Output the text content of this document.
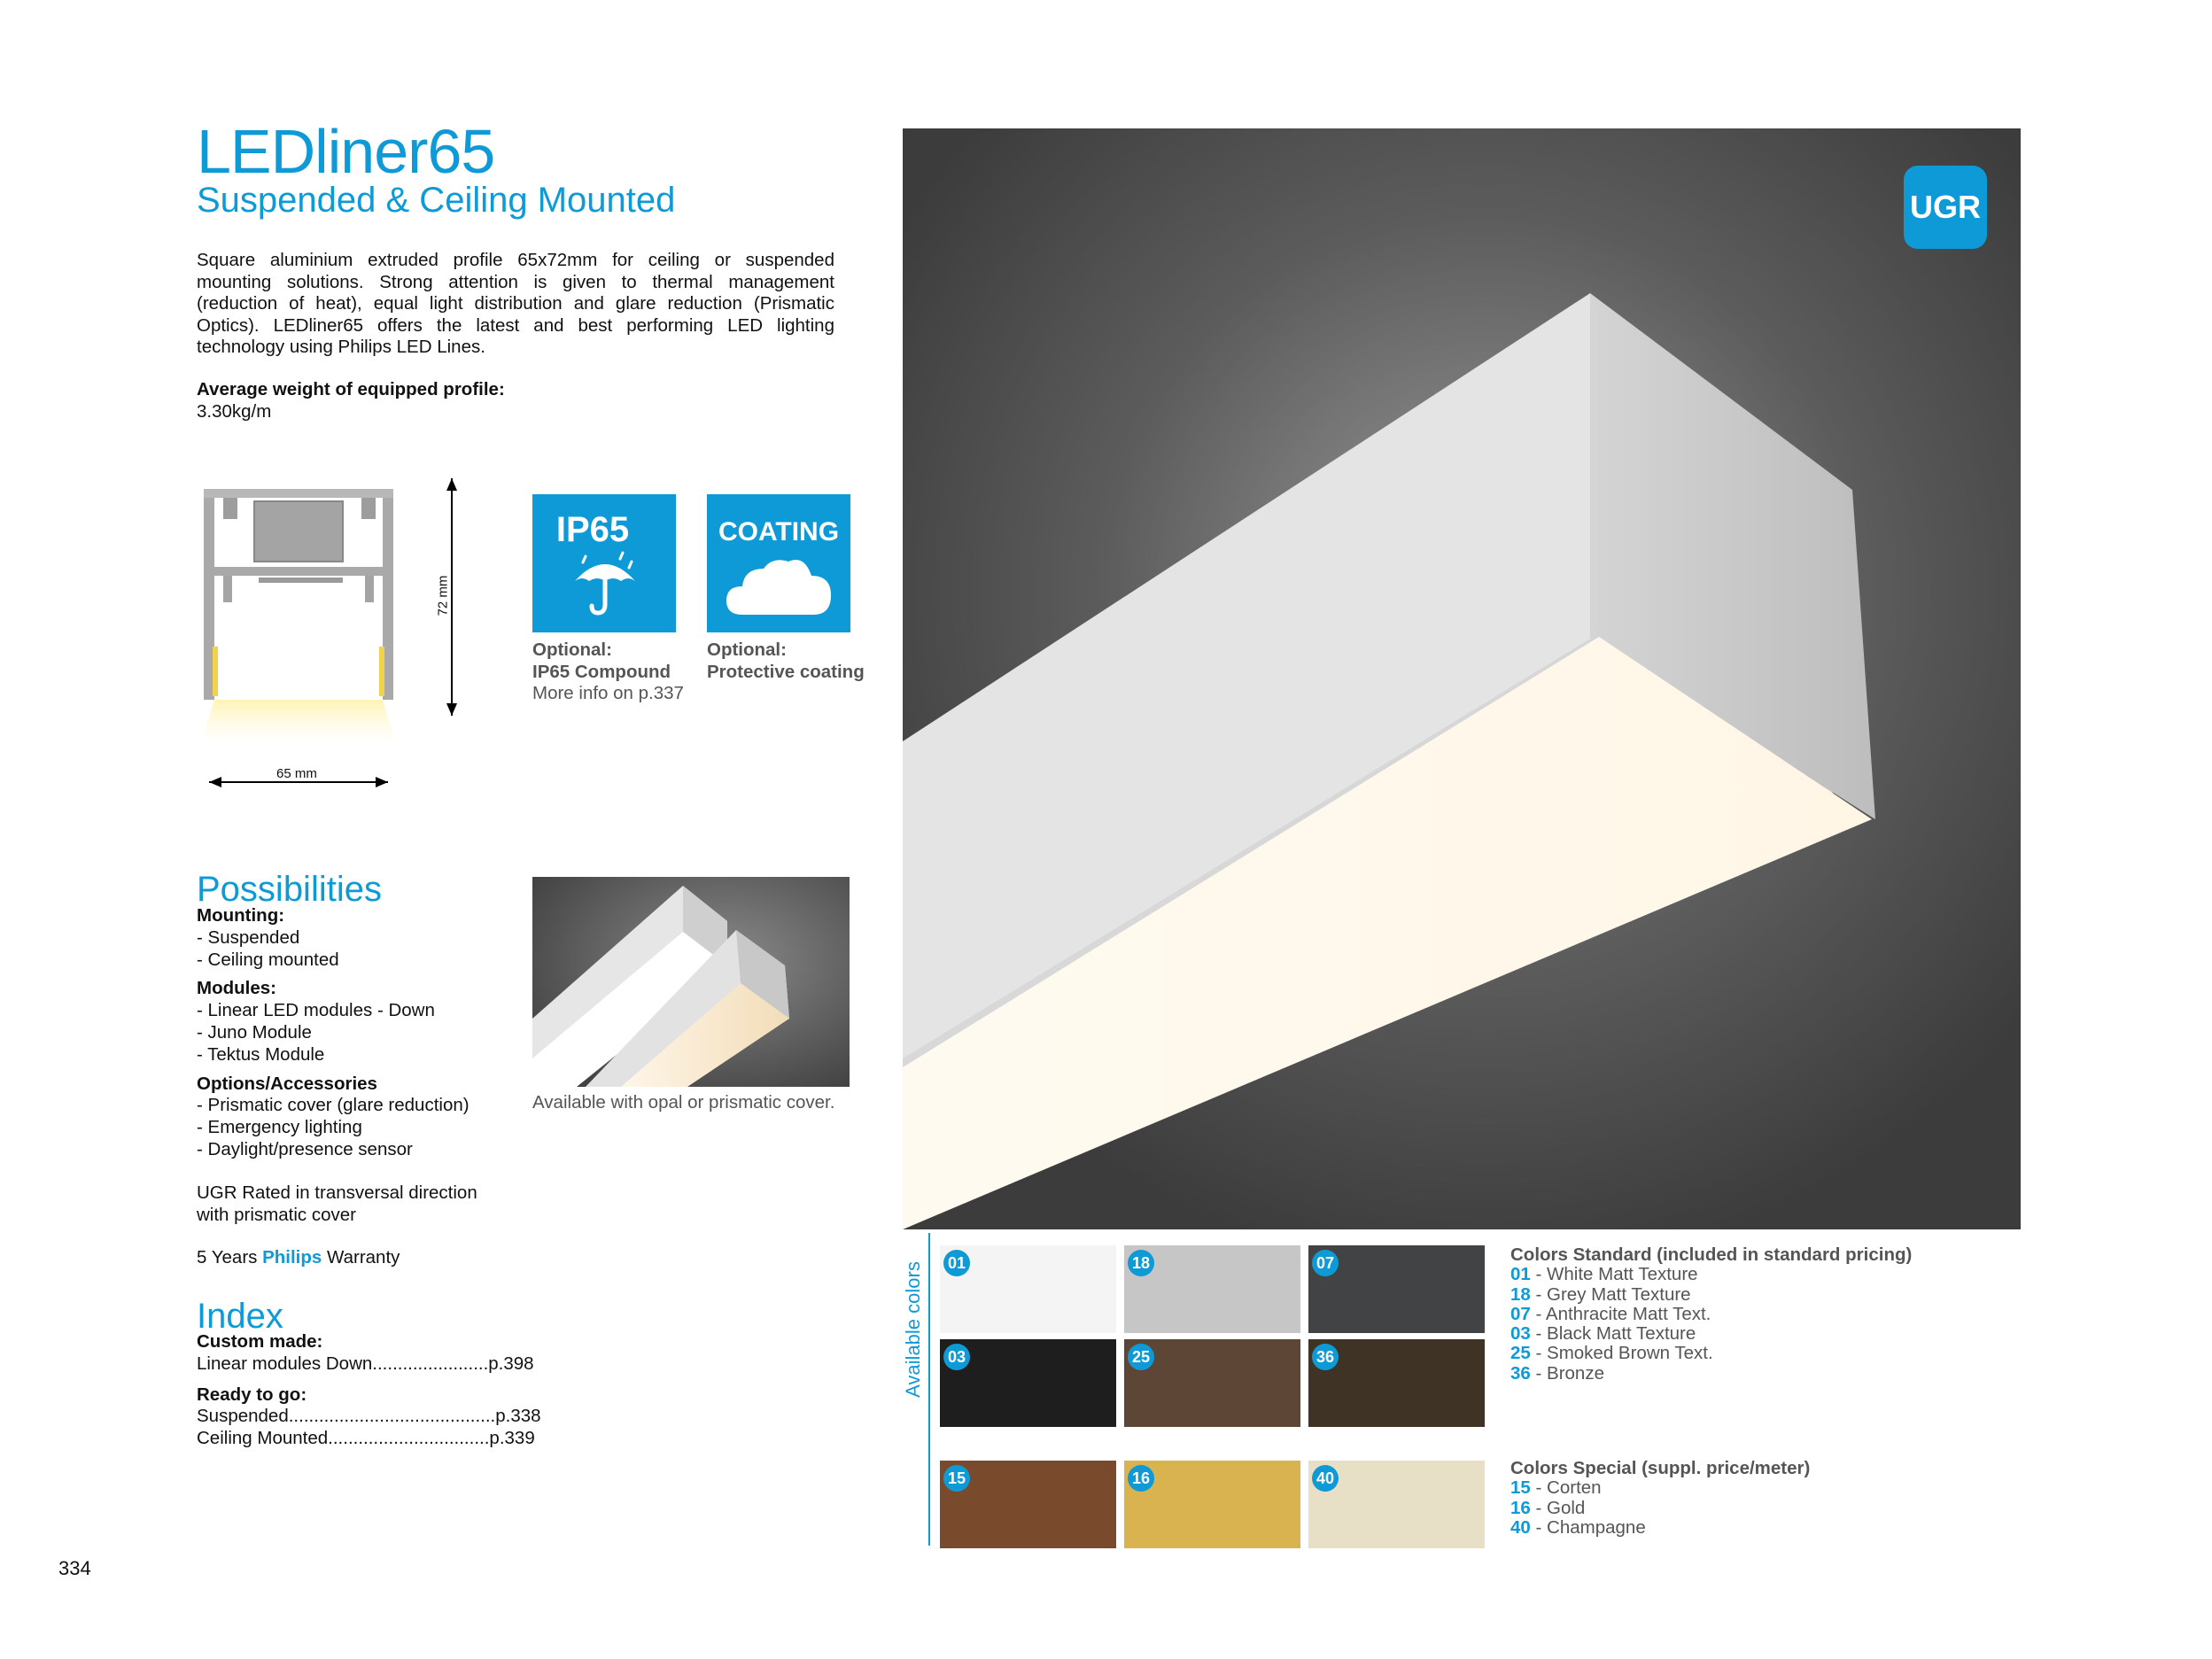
LEDliner65
Suspended & Ceiling Mounted
Square aluminium extruded profile 65x72mm for ceiling or suspended mounting solutions. Strong attention is given to thermal management (reduction of heat), equal light distribution and glare reduction (Prismatic Optics). LEDliner65 offers the latest and best performing LED lighting technology using Philips LED Lines.
Average weight of equipped profile:
3.30kg/m
72 mm
65 mm
IP65
Optional:
IP65 Compound
More info on p.337
COATING
Optional:
Protective coating
Possibilities
Mounting:
- Suspended
- Ceiling mounted
Modules:
- Linear LED modules - Down
- Juno Module
- Tektus Module
Options/Accessories
- Prismatic cover (glare reduction)
- Emergency lighting
- Daylight/presence sensor
UGR Rated in transversal direction
with prismatic cover
5 Years Philips Warranty
Available with opal or prismatic cover.
Index
Custom made:
Linear modules Down.......................p.398
Ready to go:
Suspended.........................................p.338
Ceiling Mounted................................p.339
UGR
Available colors 01	18	07
03	25	36
15	16	40
Colors Standard (included in standard pricing)
01 - White Matt Texture
18 - Grey Matt Texture
07 - Anthracite Matt Text.
03 - Black Matt Texture
25 - Smoked Brown Text.
36 - Bronze
Colors Special (suppl. price/meter)
15 - Corten
16 - Gold
40 - Champagne
334
